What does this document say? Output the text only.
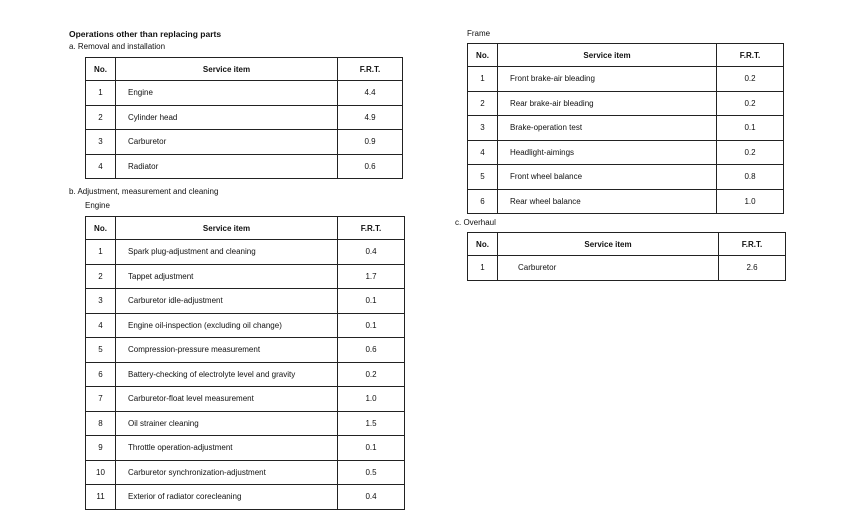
Operations other than replacing parts
a. Removal and installation
No.	Service item	F.R.T.
1	Engine	4.4
2	Cylinder head	4.9
3	Carburetor	0.9
4	Radiator	0.6
b. Adjustment, measurement and cleaning
Engine
No.	Service item	F.R.T.
1	Spark plug-adjustment and cleaning	0.4
2	Tappet adjustment	1.7
3	Carburetor idle-adjustment	0.1
4	Engine oil-inspection (excluding oil change)	0.1
5	Compression-pressure measurement	0.6
6	Battery-checking of electrolyte level and gravity	0.2
7	Carburetor-float level measurement	1.0
8	Oil strainer cleaning	1.5
9	Throttle operation-adjustment	0.1
10	Carburetor synchronization-adjustment	0.5
11	Exterior of radiator corecleaning	0.4
Frame
No.	Service item	F.R.T.
1	Front brake-air bleading	0.2
2	Rear brake-air bleading	0.2
3	Brake-operation test	0.1
4	Headlight-aimings	0.2
5	Front wheel balance	0.8
6	Rear wheel balance	1.0
c. Overhaul
No.	Service item	F.R.T.
1	Carburetor	2.6
